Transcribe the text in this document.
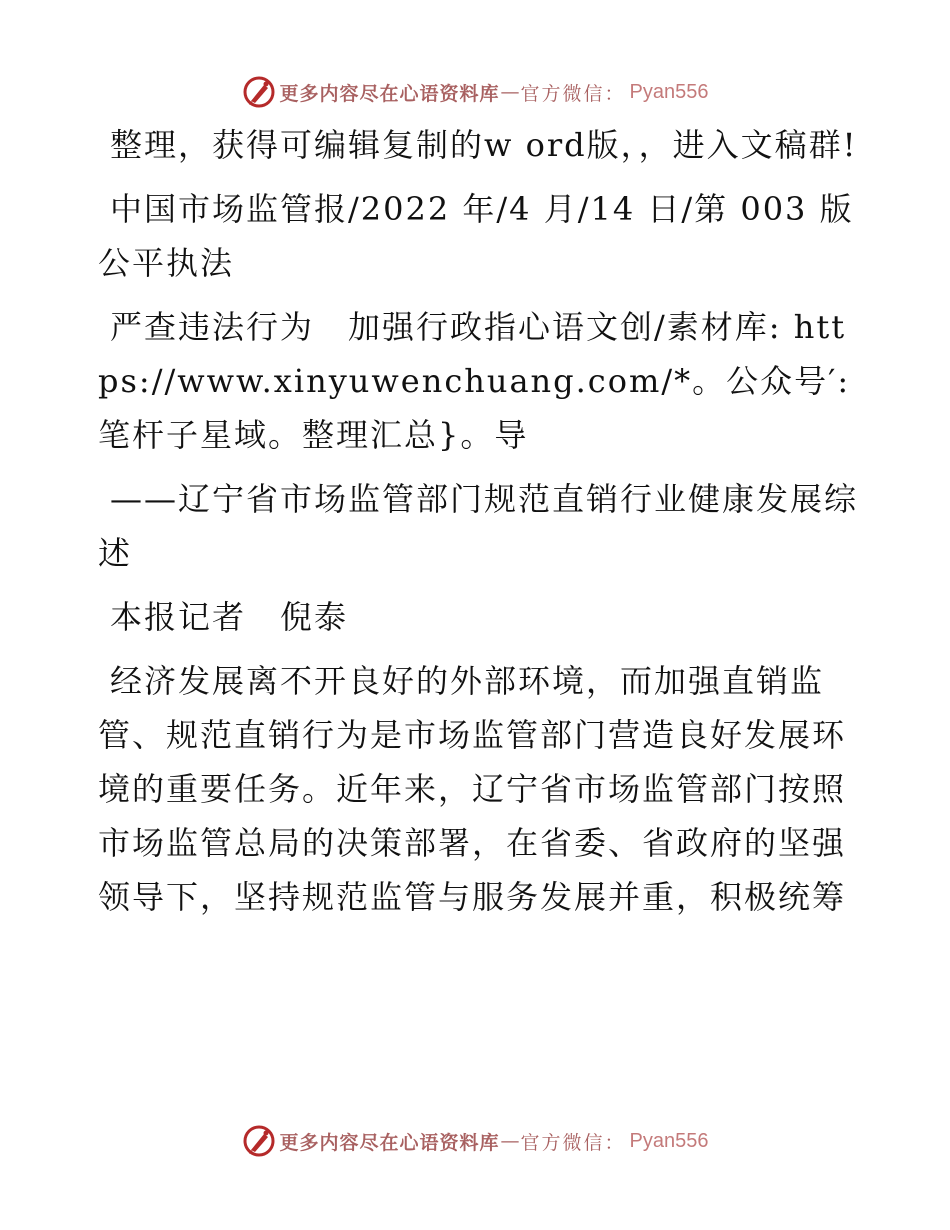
更多内容尽在心语资料库 — 官方微信： Pyan556

整理，获得可编辑复制的w ord版，，进入文稿群!

中国市场监管报/2022 年/4 月/14 日/第 003 版公平执法

严查违法行为　加强行政指心语文创/素材库: https://www.xinyuwenchuang.com/*。公众号′: 笔杆子星域。整理汇总}。导

——辽宁省市场监管部门规范直销行业健康发展综述

本报记者　倪泰

经济发展离不开良好的外部环境，而加强直销监管、规范直销行为是市场监管部门营造良好发展环境的重要任务。近年来，辽宁省市场监管部门按照市场监管总局的决策部署，在省委、省政府的坚强领导下，坚持规范监管与服务发展并重，积极统筹

更多内容尽在心语资料库 — 官方微信： Pyan556
